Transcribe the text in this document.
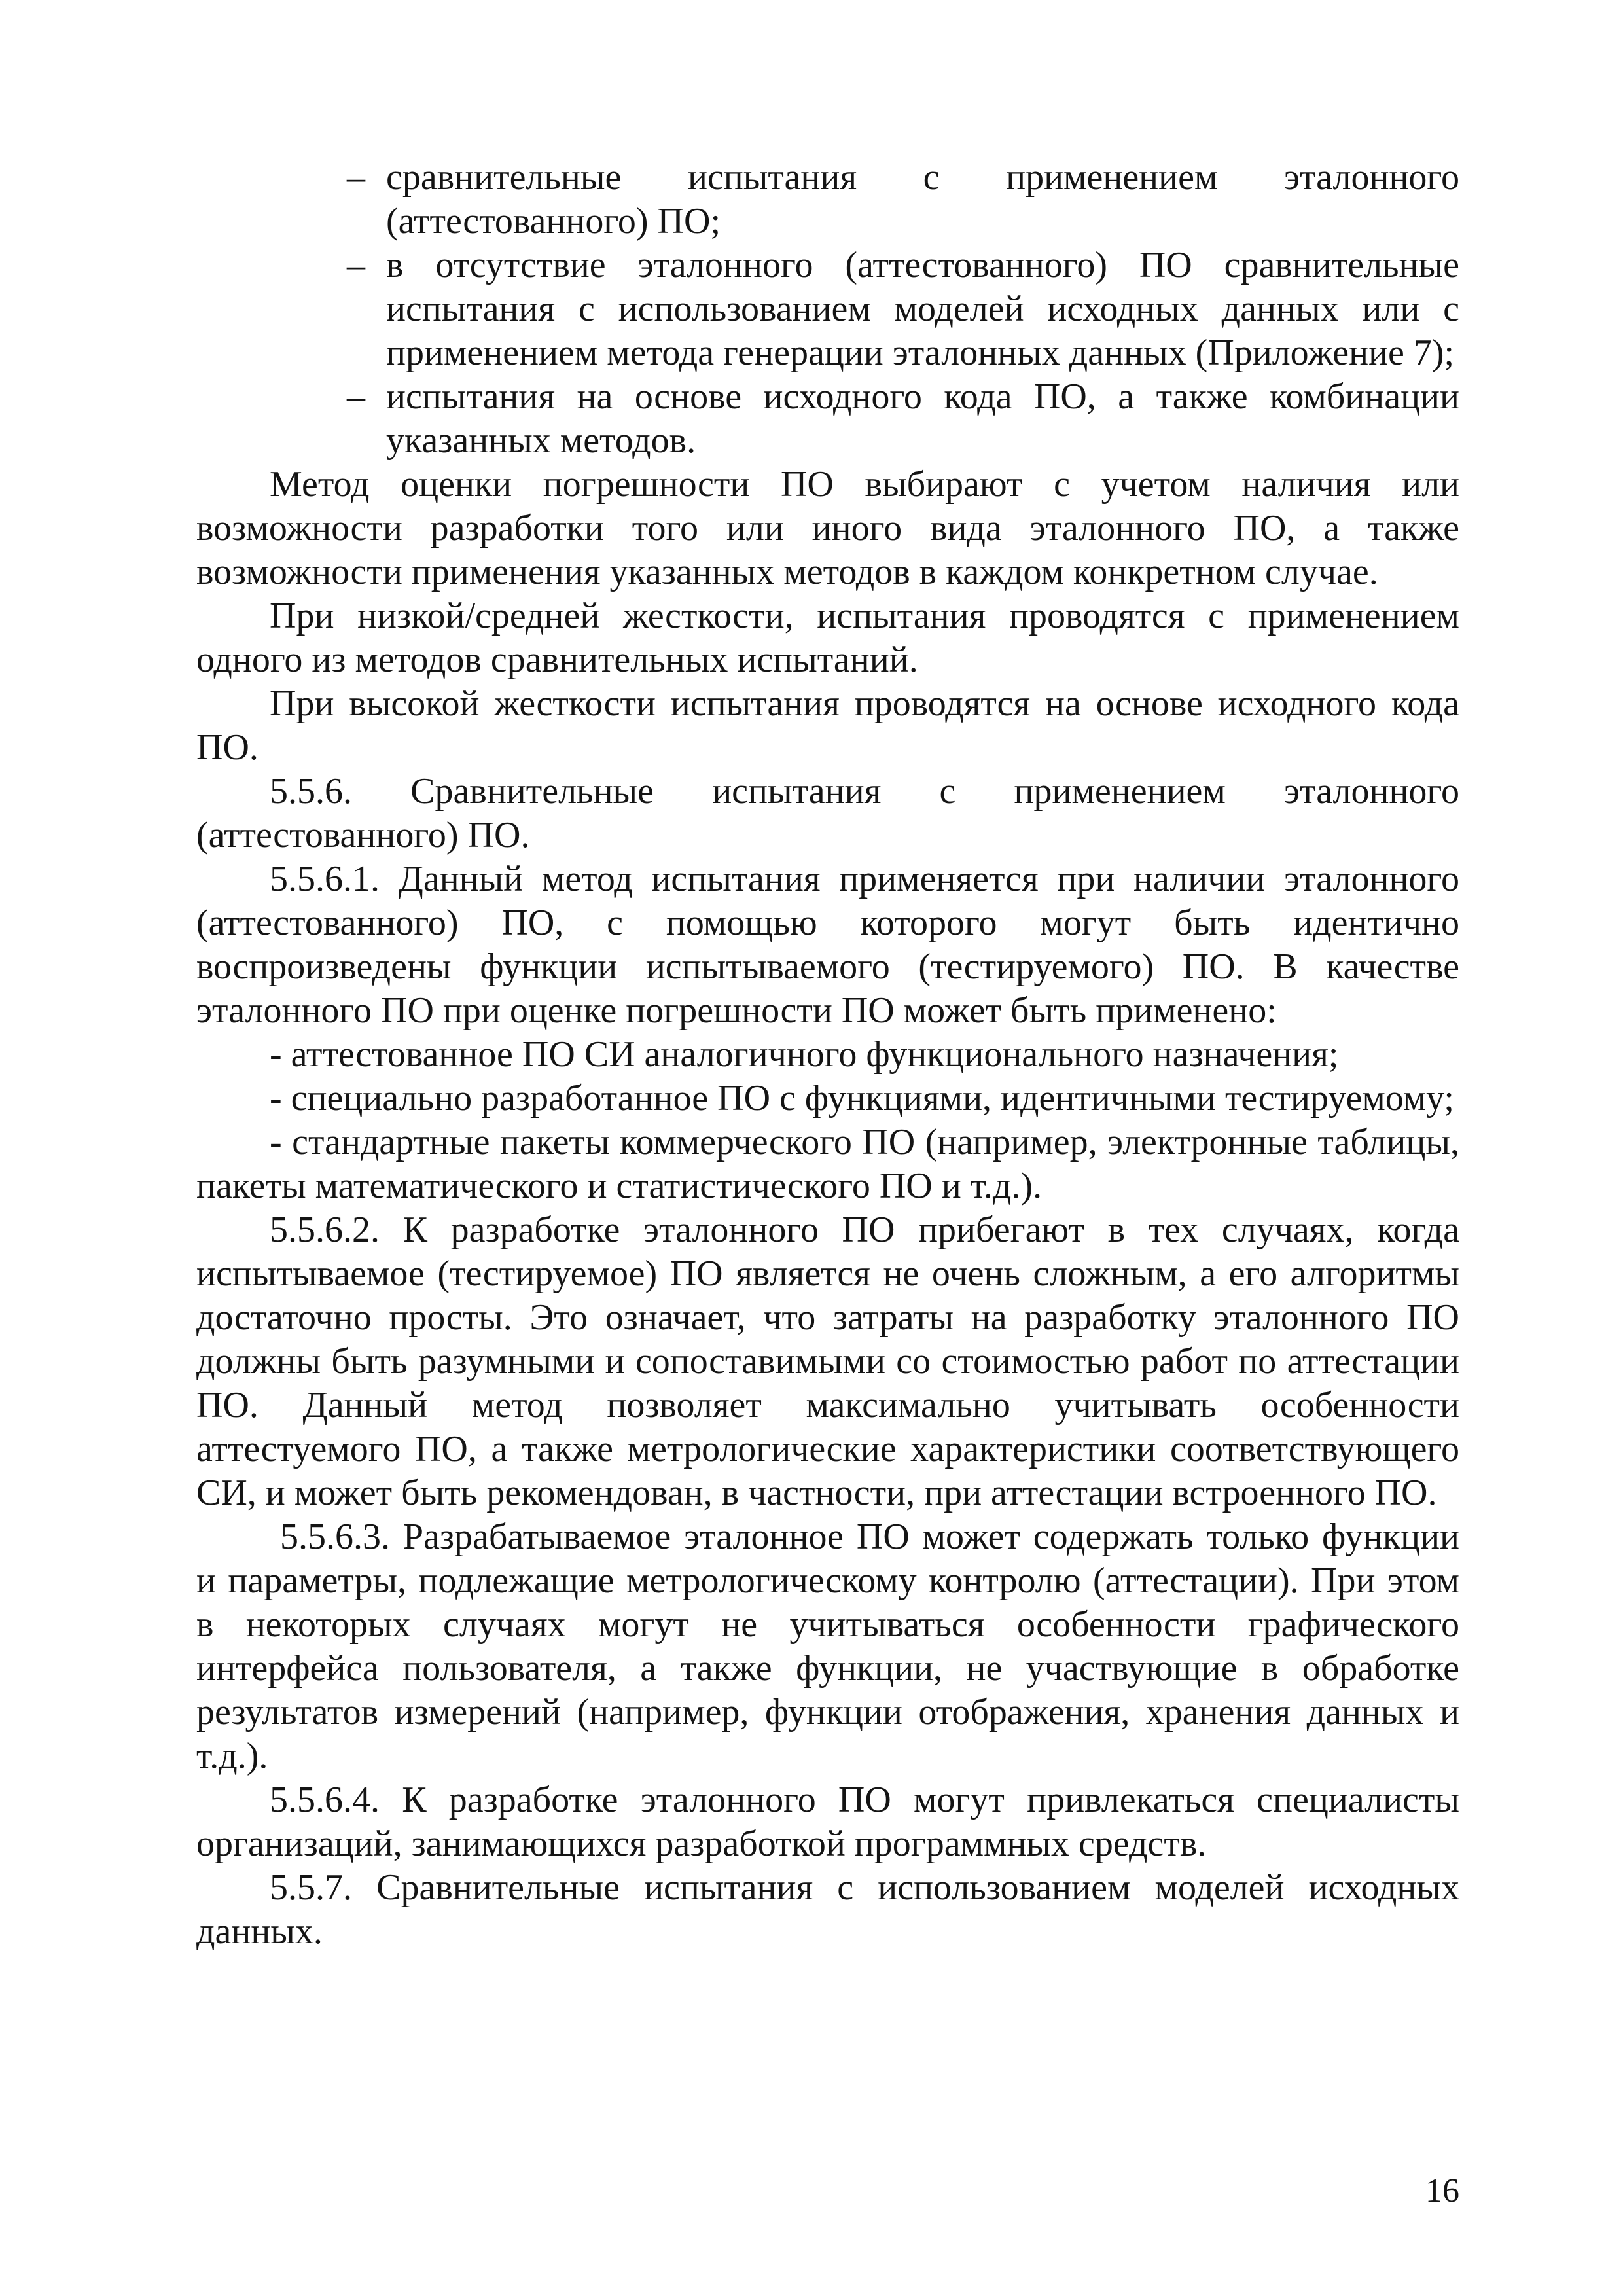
– сравнительные испытания с применением эталонного (аттестованного) ПО;

– в отсутствие эталонного (аттестованного) ПО сравнительные испытания с использованием моделей исходных данных или с применением метода генерации эталонных данных (Приложение 7);

– испытания на основе исходного кода ПО, а также комбинации указанных методов.

Метод оценки погрешности ПО выбирают с учетом наличия или возможности разработки того или иного вида эталонного ПО, а также возможности применения указанных методов в каждом конкретном случае.

При низкой/средней жесткости, испытания проводятся с применением одного из методов сравнительных испытаний.

При высокой жесткости испытания проводятся на основе исходного кода ПО.

5.5.6. Сравнительные испытания с применением эталонного (аттестованного) ПО.

5.5.6.1. Данный метод испытания применяется при наличии эталонного (аттестованного) ПО, с помощью которого могут быть идентично воспроизведены функции испытываемого (тестируемого) ПО. В качестве эталонного ПО при оценке погрешности ПО может быть применено:

- аттестованное ПО СИ аналогичного функционального назначения;

- специально разработанное ПО с функциями, идентичными тестируемому;

- стандартные пакеты коммерческого ПО (например, электронные таблицы, пакеты математического и статистического ПО и т.д.).

5.5.6.2. К разработке эталонного ПО прибегают в тех случаях, когда испытываемое (тестируемое) ПО является не очень сложным, а его алгоритмы достаточно просты. Это означает, что затраты на разработку эталонного ПО должны быть разумными и сопоставимыми со стоимостью работ по аттестации ПО. Данный метод позволяет максимально учитывать особенности аттестуемого ПО, а также метрологические характеристики соответствующего СИ, и может быть рекомендован, в частности, при аттестации встроенного ПО.

5.5.6.3. Разрабатываемое эталонное ПО может содержать только функции и параметры, подлежащие метрологическому контролю (аттестации). При этом в некоторых случаях могут не учитываться особенности графического интерфейса пользователя, а также функции, не участвующие в обработке результатов измерений (например, функции отображения, хранения данных и т.д.).

5.5.6.4. К разработке эталонного ПО могут привлекаться специалисты организаций, занимающихся разработкой программных средств.

5.5.7. Сравнительные испытания с использованием моделей исходных данных.

16
